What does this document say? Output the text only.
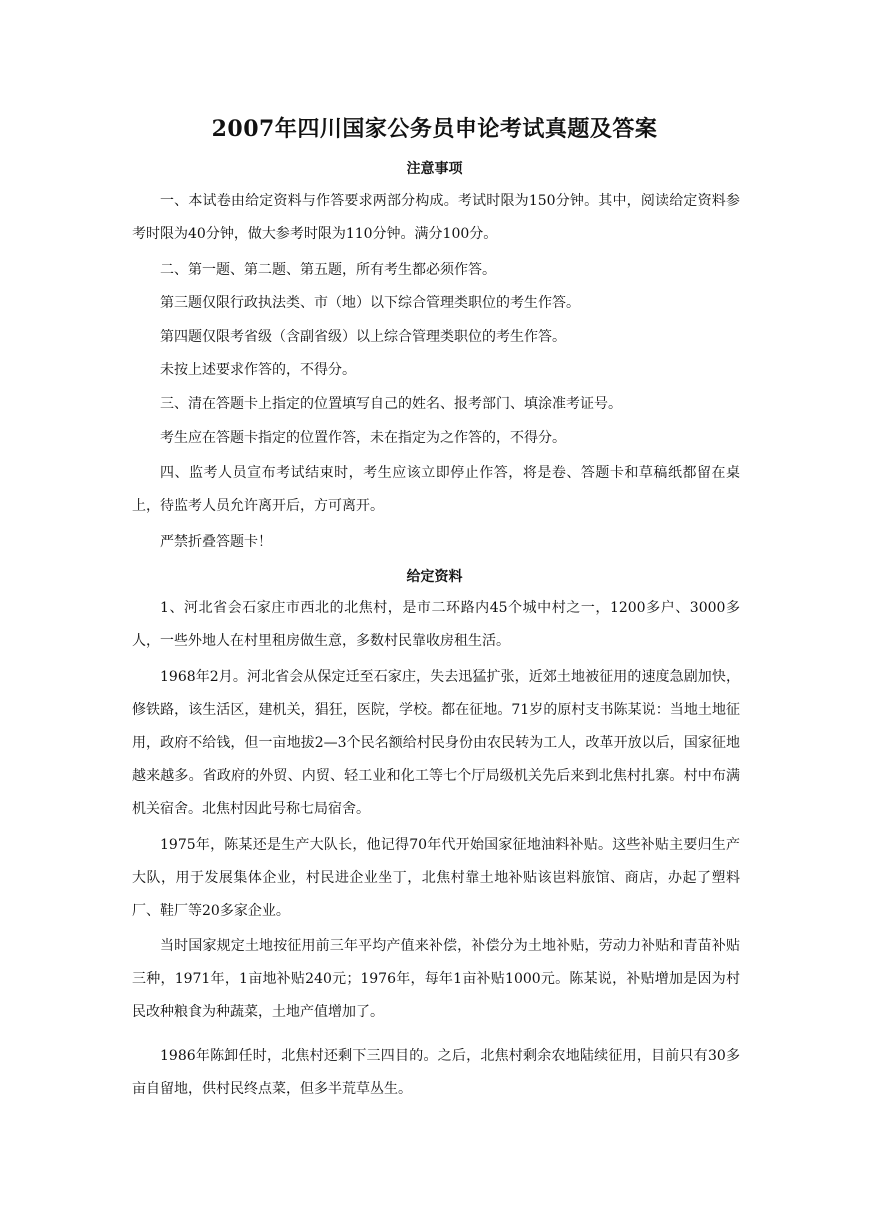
2007年四川国家公务员申论考试真题及答案
注意事项

一、本试卷由给定资料与作答要求两部分构成。考试时限为150分钟。其中，阅读给定资料参考时限为40分钟，做大参考时限为110分钟。满分100分。

二、第一题、第二题、第五题，所有考生都必须作答。

第三题仅限行政执法类、市（地）以下综合管理类职位的考生作答。

第四题仅限考省级（含副省级）以上综合管理类职位的考生作答。

未按上述要求作答的，不得分。

三、清在答题卡上指定的位置填写自己的姓名、报考部门、填涂准考证号。

考生应在答题卡指定的位置作答，未在指定为之作答的，不得分。

四、监考人员宣布考试结束时，考生应该立即停止作答，将是卷、答题卡和草稿纸都留在桌上，待监考人员允许离开后，方可离开。

严禁折叠答题卡！

给定资料

1、河北省会石家庄市西北的北焦村，是市二环路内45个城中村之一，1200多户、3000多人，一些外地人在村里租房做生意，多数村民靠收房租生活。

1968年2月。河北省会从保定迁至石家庄，失去迅猛扩张，近郊土地被征用的速度急剧加快，修铁路，该生活区，建机关，猖狂，医院，学校。都在征地。71岁的原村支书陈某说：当地土地征用，政府不给钱，但一亩地拔2—3个民名额给村民身份由农民转为工人，改革开放以后，国家征地越来越多。省政府的外贸、内贸、轻工业和化工等七个厅局级机关先后来到北焦村扎寨。村中布满机关宿舍。北焦村因此号称七局宿舍。

1975年，陈某还是生产大队长，他记得70年代开始国家征地油料补贴。这些补贴主要归生产大队，用于发展集体企业，村民进企业坐丁，北焦村靠土地补贴该岜料旅馆、商店，办起了塑料厂、鞋厂等20多家企业。

当时国家规定土地按征用前三年平均产值来补偿，补偿分为土地补贴，劳动力补贴和青苗补贴三种，1971年，1亩地补贴240元；1976年，每年1亩补贴1000元。陈某说，补贴增加是因为村民改种粮食为种蔬菜，土地产值增加了。

1986年陈卸任时，北焦村还剩下三四目的。之后，北焦村剩余农地陆续征用，目前只有30多亩自留地，供村民终点菜，但多半荒草丛生。
